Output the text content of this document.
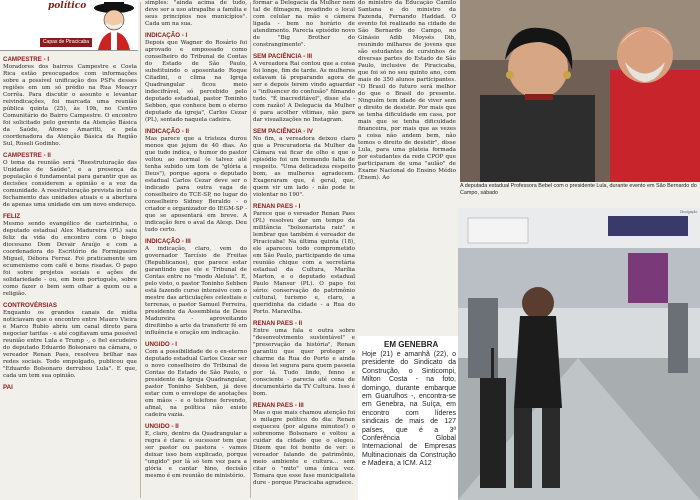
político
Capas de Piracicaba
CAMPESTRE - I

Moradores dos bairros Campestre e Costa Rica estão preocupados com informações sobre a possível unificação dos PSFs desses regiões em um só prédio na Rua Moacyr Corrêa. Para discutir o assunto e levantar reivindicações, foi marcada uma reunião pública quinta (25), às 19h, no Centro Comunitário do Bairro Campestre. O encontro foi solicitado pelo gerente da Atenção Básica da Saúde, Afonso Amaritti, e pela coordenadora da Atenção Básica da Região Sul, Roseli Godinho.

CAMPESTRE - II

O tema da reunião será "Reestruturação das Unidades de Saúde", e a presença da população é fundamental para garantir que as decisões considerem a opinião e a voz da comunidade. A reestruturação prevista inclui o fechamento das unidades atuais e a abertura de apenas uma unidade em um novo endereço.

FELIZ

Mesmo sendo evangélico de carteirinha, o deputado estadual Alex Madureira (PL) saiu feliz da vida do encontro com o bispo diocesano Dom Devair Araújo e com a coordenadora do Escritório de Formigueiro Miguel, Débora Ferraz. Foi praticamente um ecumenismo com café e bons risadas. O papo foi sobre projetos sociais e ações de solidariedade - ou, em bom português, sobre como fazer o bem sem olhar a quem ou a religião.

CONTROVÉRSIAS

Enquanto os grandes canais de mídia noticiavam que o encontro entre Mauro Vieira e Marco Rubio abriu um canal direto para negociar tarifas - e até cogitavam uma possível reunião entre Lula e Trump -, o fiel escudeiro do deputado Eduardo Bolsonaro na câmara, o vereador Renan Paes, resolveu brilhar nas redes sociais. Todo empolgado, publicou que "Eduardo Bolsonaro derrubou Lula". E que, cada um tem sua opinião.

PAI

simples: "ainda acima de tudo, deve ser a uso atrapalhe a família e seus princípios nos municípios". Cada um na sua.

INDICAÇÃO - I

Depois que Wagner do Rosário foi aprovado e empossado como conselheiro do Tribunal de Contas do Estado de São Paulo, substituindo o aposentado Roque Citadini, o clima na Igreja Quadrangular ficou meio indecifrável, só percebido pelo deputado estadual, pastor Toninho Sebben, que conhece bem o eterno deputado da igreja", Carlos Cezar (PL), sentado naquela cadeira.

INDICAÇÃO - II

Mas parece que a tristeza durou menos que jejum de 40 dias. Ao que tudo indica, o humor do pastor voltou ao normal (e talvez até tenha subido um tom de "glória a Deus"), porque agora o deputado estadual Carlos Cezar deve ser o indicado para outra vaga de conselheiro do TCE-SP, no lugar do conselheiro Sidney Beraldo - o criador e organizador do IEGM-SP - que se aposentará em breve. A indicação fere o aval da Alesp. Deu tudo certo.

INDICAÇÃO - III

A indicação, claro, vem do governador Tarcísio de Freitas (Republicanos), que parece estar garantindo que ele e Tribunal de Contas entre no "modo Aleluia". E, pelo visto, o pastor Toninho Sebben está fazendo curso intensivo com o mestre das articulações celestiais e terrenas, o pastor Samuel Ferreira, presidente da Assembleia de Deus Madureira - aproveitando direitinho a arte da transferir fé em influência e oração em indicação.

UNGIDO - I

Com a possibilidade de o ex-eterno deputado estadual Carlos Cezar ser o novo conselheiro do Tribunal de Contas do Estado de São Paulo, o presidente da Igreja Quadrangular, pastor Toninho Sebben, já deve estar com o envelope de anotações em mãos - e o telefone fervendo, afinal, na política não existe cadeira vazia.

UNGIDO - II

E, claro, dentro da Quadrangular a regra é clara: o sucessor tem que ser pastor ou pastora - vamos deixar isso bem explicado, porque "ungido" por lá só tem vez para a glória e cantar hino, decisão mesmo é em reunião de ministério.

formar a Delegacia da Mulher nem tal de filmagem, invadindo o local com celular na mão e câmera ligada - bem no horário de atendimento. Parecia episódio novo de "Big Brother do constrangimento".

SEM PACIÊNCIA - III

A vereadora Rai contou que a coisa foi longe, fim de tarde. As mulheres estavam lá preparando agora de ser e depois terem vindo aguardar o "influencer do confusão" filmando tudo. "É inacreditável", disse ela - com razão! A Delegacia da Mulher é para acolher vítimas, não para dar visualizações no Instagram.

SEM PACIÊNCIA - IV

No fim, a vereadora deixou claro que a Procuradoria da Mulher da Câmara vai ficar de olho e que o episódio foi um tremendo falta de respeito. "Uma delicadeza respeito bom, as mulheres agradecem. Exageraram que, é geral, que, quem vir um lado - não pode te violentar no 190".

RENAN PAES - I

Parece que o vereador Renan Paes (PL) resolveu dar um tempo da militância "bolsonarista raiz" e lembrar que também é vereador de Piracicaba! Na última quinta (18), ele apareceu todo comprometido em São Paulo, participando de uma reunião chique com a secretária estadual da Cultura, Marília Marton, e o deputado estadual Paulo Mansur (PL). O papo foi sério: conservação do patrimônio cultural, turismo e, claro, a queridinha da cidade - a Rua do Porto. Maravilha.

RENAN PAES - II

Entre uma fala e outra sobre "desenvolvimento sustentável" e "preservação da história", Renan garantiu que quer proteger o charme da Rua do Porto e ainda dessa lei segura para quem passeia por lá. Tudo lindo, fenno e consciente - parecia até cena de documentário da TV Cultura. Isso é bom.

RENAN PAES - III

Mas o que mais chamou atenção foi o milagre político do dia: Renan esqueceu (por alguns minutos!) o sobrenome Bolsonaro e voltou a cuidar da cidade que o elegeu. Dizem que foi bonito de ver: o vereador falando de patrimônio, meio ambiente e cultura... sem citar o "mito" uma única vez. Tomara que esse fase municipalista dure - porque Piracicaba agradece.

do ministro da Educação Camilo Santana e do ministro da Fazenda, Fernando Haddad. O evento foi realizado na cidade de São Bernardo do Campo, no Ginásio Adib Moysés Dib, reunindo milhares de jovens que são estudantes de cursinhos de diversas partes do Estado de São Paulo, inclusive de Piracicaba, que foi só no seu quinto ano, com mais de 350 alunos participantes. "O Brasil do futuro será melhor do que o Brasil do presente. Ninguém tem idade de viver sem o direito de desistir. Por mais que se tenha dificuldade em casa, por mais que se tenha dificuldade financeira, por mais que as vezes a coisa não andem bem, não temos o direito de desistir", disse Lula, para uma plateia formada por estudantes da rede CPOP que participaram de uma "aulão" de Exame Nacional do Ensino Médio (Enem). Ao

A deputada estadual Professora Bebel com o presidente Lula, durante evento em São Bernardo do Campo, sábado
Divulgação
EM GENEBRA
Hoje (21) e amanhã (22), o presidente do Sindicato da Construção, o Sinticompi, Milton Costa - na foto, domingo, durante embarque em Guarulhos -, encontra-se em Genebra, na Suíça, em encontro com líderes sindicais de mais de 127 países, que é a 3ª Conferência Global Internacional de Empresas Multinacionais da Construção e Madeira, a ICM. A12
